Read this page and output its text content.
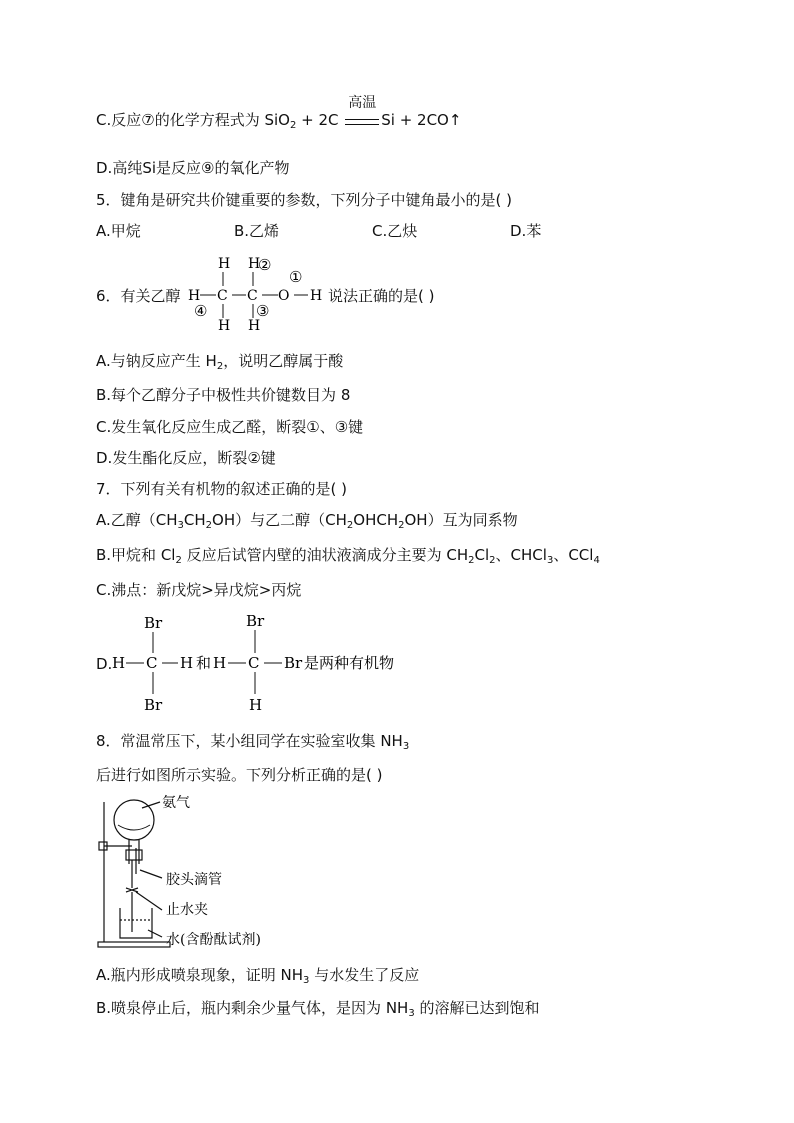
C.反应⑦的化学方程式为 SiO$_2$ + 2C
高温
Si + 2CO↑
D.高纯Si是反应⑨的氧化产物
5．键角是研究共价键重要的参数，下列分子中键角最小的是( )
A.甲烷	B.乙烯	C.乙炔	D.苯
6．有关乙醇 H C C O H
H H
H H
①
②
③
④
说法正确的是( )
A.与钠反应产生 $H_2$，说明乙醇属于酸
B.每个乙醇分子中极性共价键数目为 8
C.发生氧化反应生成乙醛，断裂①、③键
D.发生酯化反应，断裂②键
7．下列有关有机物的叙述正确的是( )
A.乙醇$(CH_3CH_2OH)$与乙二醇$(CH_2OHCH_2OH)$互为同系物
B.甲烷和 $Cl_2$ 反应后试管内壁的油状液滴成分主要为 $CH_2Cl_2$、CHCl$_3$、CCl$_4$
C.沸点：新戊烷>异戊烷>丙烷
D. H C H
Br
Br
和 H C Br
Br
H
是两种有机物
8．常温常压下，某小组同学在实验室收集 $NH_3$
后进行如图所示实验。下列分析正确的是( )
氨气
胶头滴管
止水夹
水(含酚酞试剂)
A.瓶内形成喷泉现象，证明 $NH_3$ 与水发生了反应
B.喷泉停止后，瓶内剩余少量气体，是因为 $NH_3$ 的溶解已达到饱和
